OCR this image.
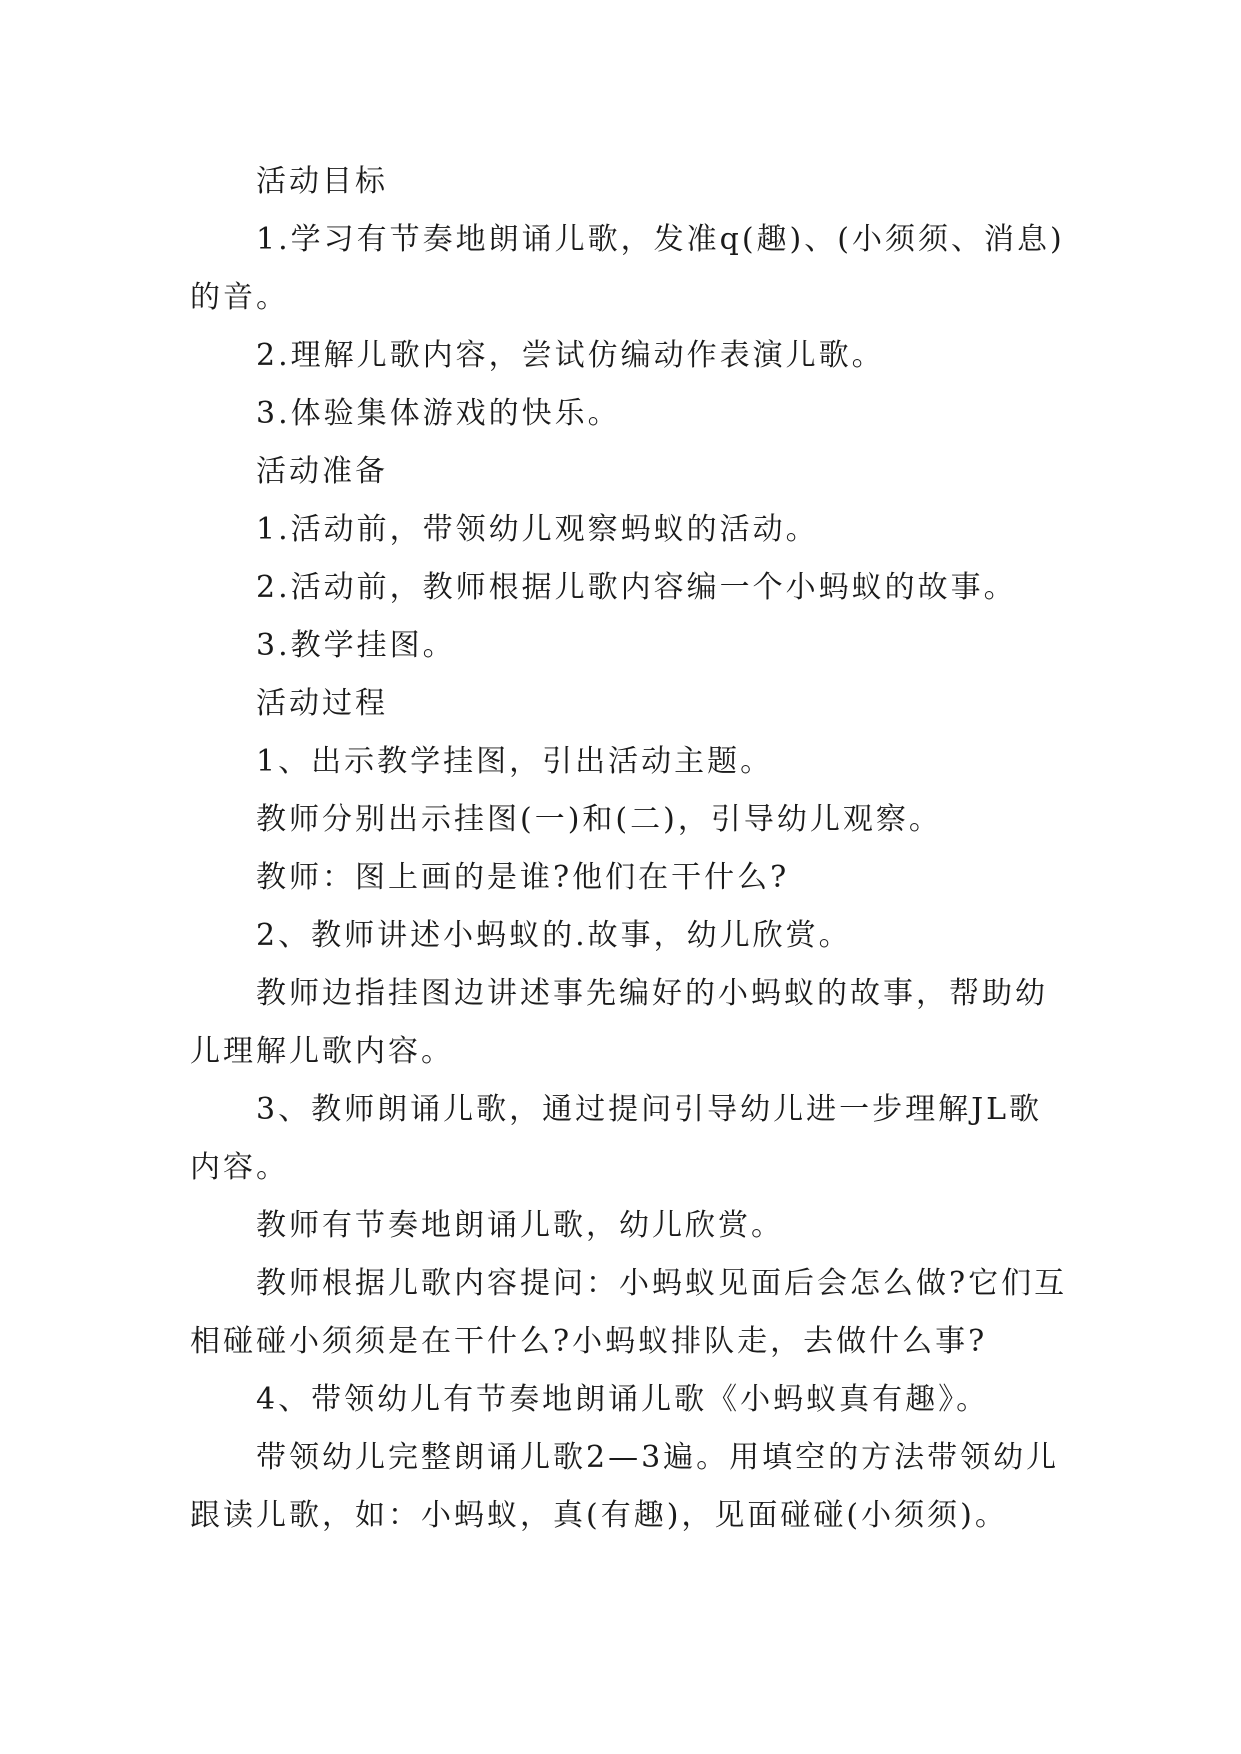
活动目标

1.学习有节奏地朗诵儿歌，发准q(趣)、(小须须、消息)的音。

2.理解儿歌内容，尝试仿编动作表演儿歌。

3.体验集体游戏的快乐。

活动准备

1.活动前，带领幼儿观察蚂蚁的活动。

2.活动前，教师根据儿歌内容编一个小蚂蚁的故事。

3.教学挂图。

活动过程

1、出示教学挂图，引出活动主题。

教师分别出示挂图(一)和(二)，引导幼儿观察。

教师：图上画的是谁?他们在干什么?

2、教师讲述小蚂蚁的.故事，幼儿欣赏。

教师边指挂图边讲述事先编好的小蚂蚁的故事，帮助幼儿理解儿歌内容。

3、教师朗诵儿歌，通过提问引导幼儿进一步理解JL歌内容。

教师有节奏地朗诵儿歌，幼儿欣赏。

教师根据儿歌内容提问：小蚂蚁见面后会怎么做?它们互相碰碰小须须是在干什么?小蚂蚁排队走，去做什么事?

4、带领幼儿有节奏地朗诵儿歌《小蚂蚁真有趣》。

带领幼儿完整朗诵儿歌2—3遍。用填空的方法带领幼儿跟读儿歌，如：小蚂蚁，真(有趣)，见面碰碰(小须须)。
